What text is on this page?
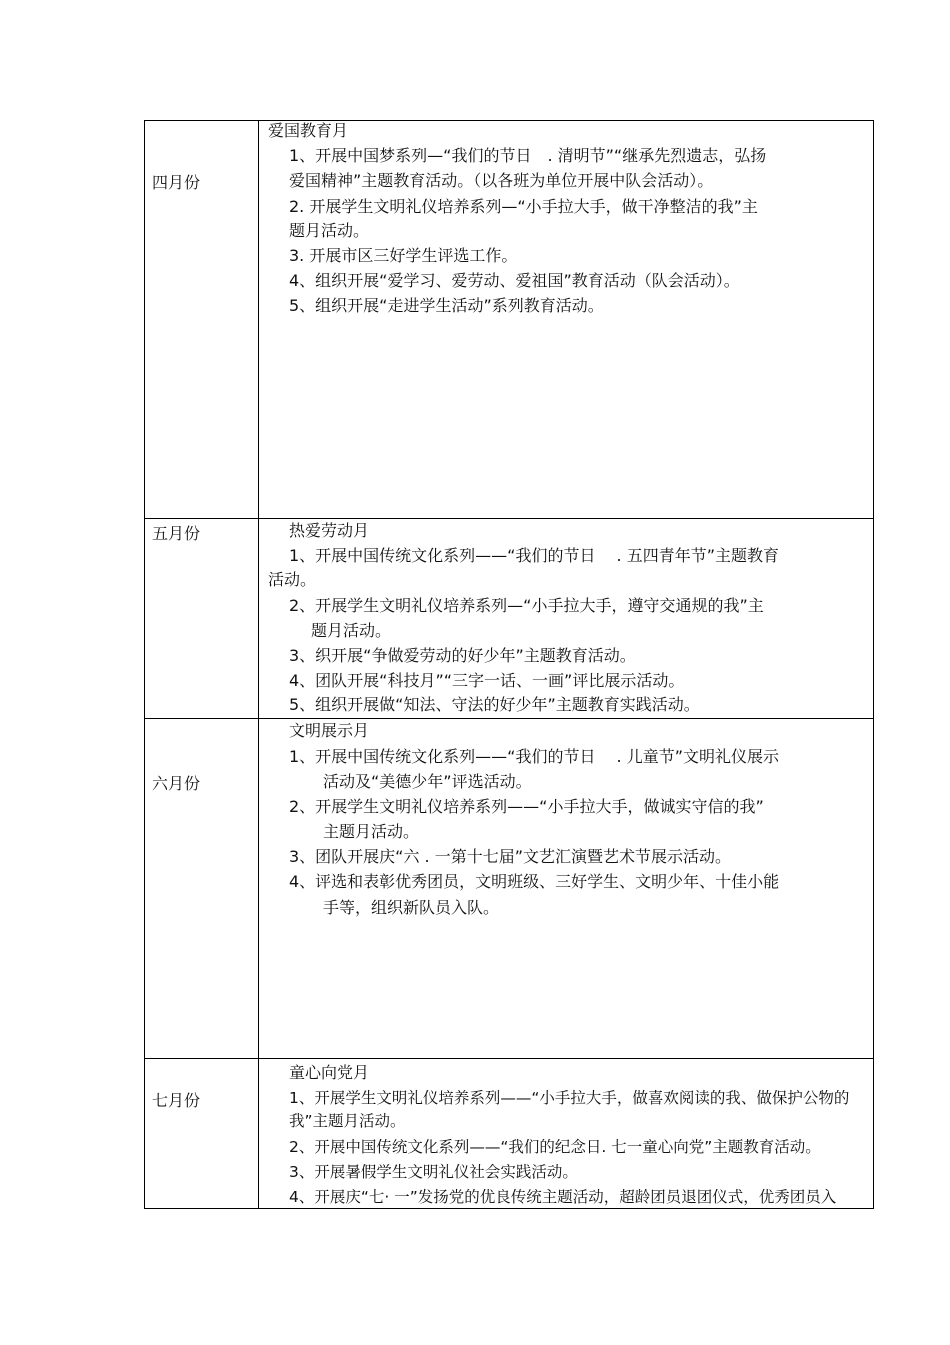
四月份
爱国教育月
1、开展中国梦系列—“我们的节日　. 清明节”“继承先烈遗志，弘扬
爱国精神”主题教育活动。（以各班为单位开展中队会活动）。
2. 开展学生文明礼仪培养系列—“小手拉大手，做干净整洁的我”主
题月活动。
3. 开展市区三好学生评选工作。
4、组织开展“爱学习、爱劳动、爱祖国”教育活动（队会活动）。
5、组织开展“走进学生活动”系列教育活动。
五月份	热爱劳动月
1、开展中国传统文化系列——“我们的节日　 . 五四青年节”主题教育
活动。
2、开展学生文明礼仪培养系列—“小手拉大手，遵守交通规的我”主
题月活动。
3、织开展“争做爱劳动的好少年”主题教育活动。
4、团队开展“科技月”“三字一话、一画”评比展示活动。
5、组织开展做“知法、守法的好少年”主题教育实践活动。
六月份
文明展示月
1、开展中国传统文化系列——“我们的节日　 . 儿童节”文明礼仪展示
活动及“美德少年”评选活动。
2、开展学生文明礼仪培养系列——“小手拉大手，做诚实守信的我”
主题月活动。
3、团队开展庆“六 . 一第十七届”文艺汇演暨艺术节展示活动。
4、评选和表彰优秀团员，文明班级、三好学生、文明少年、十佳小能
手等，组织新队员入队。
七月份
童心向党月
1、开展学生文明礼仪培养系列——“小手拉大手，做喜欢阅读的我、做保护公物的
我”主题月活动。
2、开展中国传统文化系列——“我们的纪念日. 七一童心向党”主题教育活动。
3、开展暑假学生文明礼仪社会实践活动。
4、开展庆“七· 一”发扬党的优良传统主题活动，超龄团员退团仪式，优秀团员入
